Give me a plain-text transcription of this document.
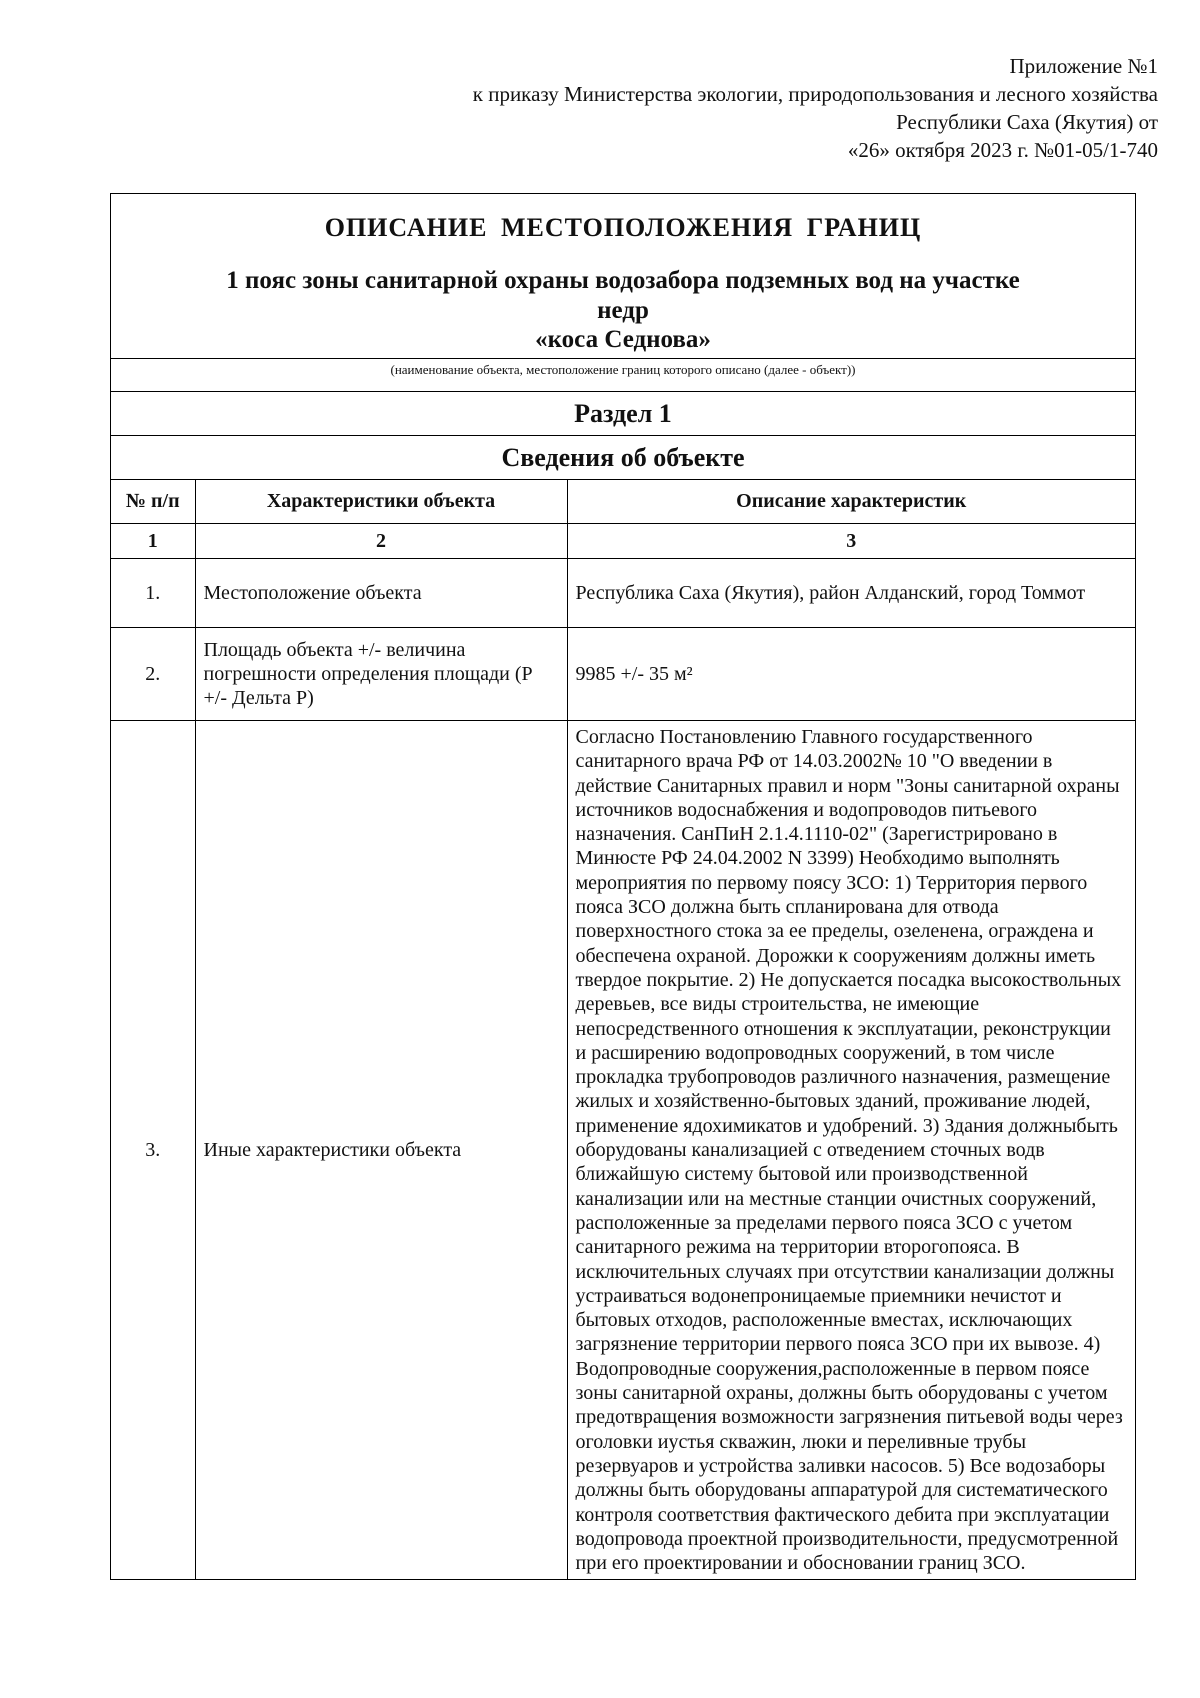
Приложение №1
к приказу Министерства экологии, природопользования и лесного хозяйства
Республики Саха (Якутия) от
«26» октября 2023 г. №01-05/1-740
ОПИСАНИЕ МЕСТОПОЛОЖЕНИЯ ГРАНИЦ
1 пояс зоны санитарной охраны водозабора подземных вод на участке недр
«коса Седнова»
(наименование объекта, местоположение границ которого описано (далее - объект))
Раздел 1
Сведения об объекте
№ п/п	Характеристики объекта	Описание характеристик
1	2	3
1.	Местоположение объекта	Республика Саха (Якутия), район Алданский, город Томмот
2.	Площадь объекта +/- величина погрешности определения площади (Р +/- Дельта Р)	9985 +/- 35 м²
3.	Иные характеристики объекта	Согласно Постановлению Главного государственного санитарного врача РФ от 14.03.2002№ 10 "О введении в действие Санитарных правил и норм "Зоны санитарной охраны источников водоснабжения и водопроводов питьевого назначения. СанПиН 2.1.4.1110-02" (Зарегистрировано в Минюсте РФ 24.04.2002 N 3399) Необходимо выполнять мероприятия по первому поясу ЗСО: 1) Территория первого пояса ЗСО должна быть спланирована для отвода поверхностного стока за ее пределы, озеленена, ограждена и обеспечена охраной. Дорожки к сооружениям должны иметь твердое покрытие. 2) Не допускается посадка высокоствольных деревьев, все виды строительства, не имеющие непосредственного отношения к эксплуатации, реконструкции и расширению водопроводных сооружений, в том числе прокладка трубопроводов различного назначения, размещение жилых и хозяйственно-бытовых зданий, проживание людей, применение ядохимикатов и удобрений. 3) Здания должныбыть оборудованы канализацией с отведением сточных водв ближайшую систему бытовой или производственной канализации или на местные станции очистных сооружений, расположенные за пределами первого пояса ЗСО с учетом санитарного режима на территории второгопояса. В исключительных случаях при отсутствии канализации должны устраиваться водонепроницаемые приемники нечистот и бытовых отходов, расположенные вместах, исключающих загрязнение территории первого пояса ЗСО при их вывозе. 4) Водопроводные сооружения,расположенные в первом поясе зоны санитарной охраны, должны быть оборудованы с учетом предотвращения возможности загрязнения питьевой воды через оголовки иустья скважин, люки и переливные трубы резервуаров и устройства заливки насосов. 5) Все водозаборы должны быть оборудованы аппаратурой для систематического контроля соответствия фактического дебита при эксплуатации водопровода проектной производительности, предусмотренной при его проектировании и обосновании границ ЗСО.
